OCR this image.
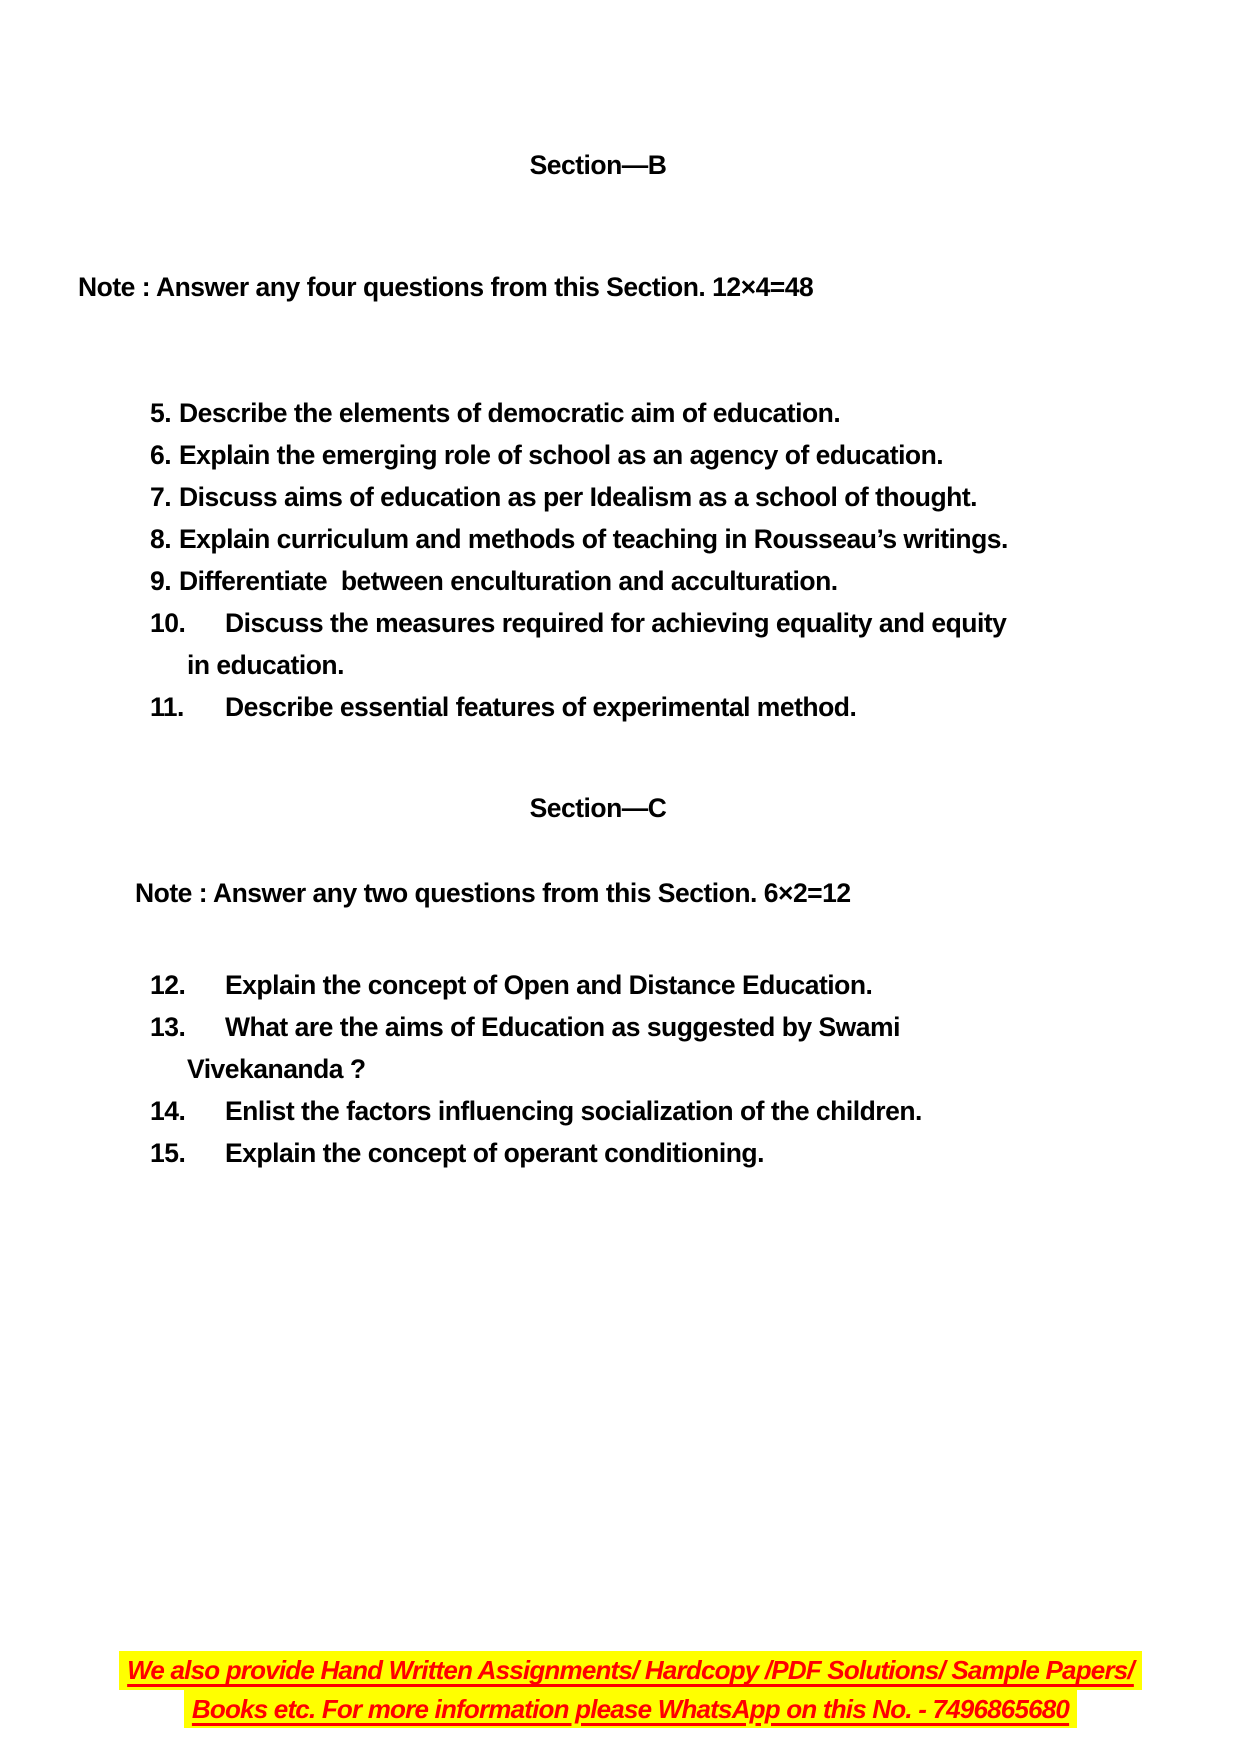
Section—B

Note : Answer any four questions from this Section. 12×4=48

5. Describe the elements of democratic aim of education.
6. Explain the emerging role of school as an agency of education.
7. Discuss aims of education as per Idealism as a school of thought.
8. Explain curriculum and methods of teaching in Rousseau’s writings.
9. Differentiate  between enculturation and acculturation.
10.	Discuss the measures required for achieving equality and equity
in education.
11.	Describe essential features of experimental method.
Section—C

Note : Answer any two questions from this Section. 6×2=12

12.	Explain the concept of Open and Distance Education.
13.	What are the aims of Education as suggested by Swami
Vivekananda ?
14.	Enlist the factors influencing socialization of the children.
15.	Explain the concept of operant conditioning.
We also provide Hand Written Assignments/ Hardcopy /PDF Solutions/ Sample Papers/
Books etc. For more information please WhatsApp on this No. - 7496865680
